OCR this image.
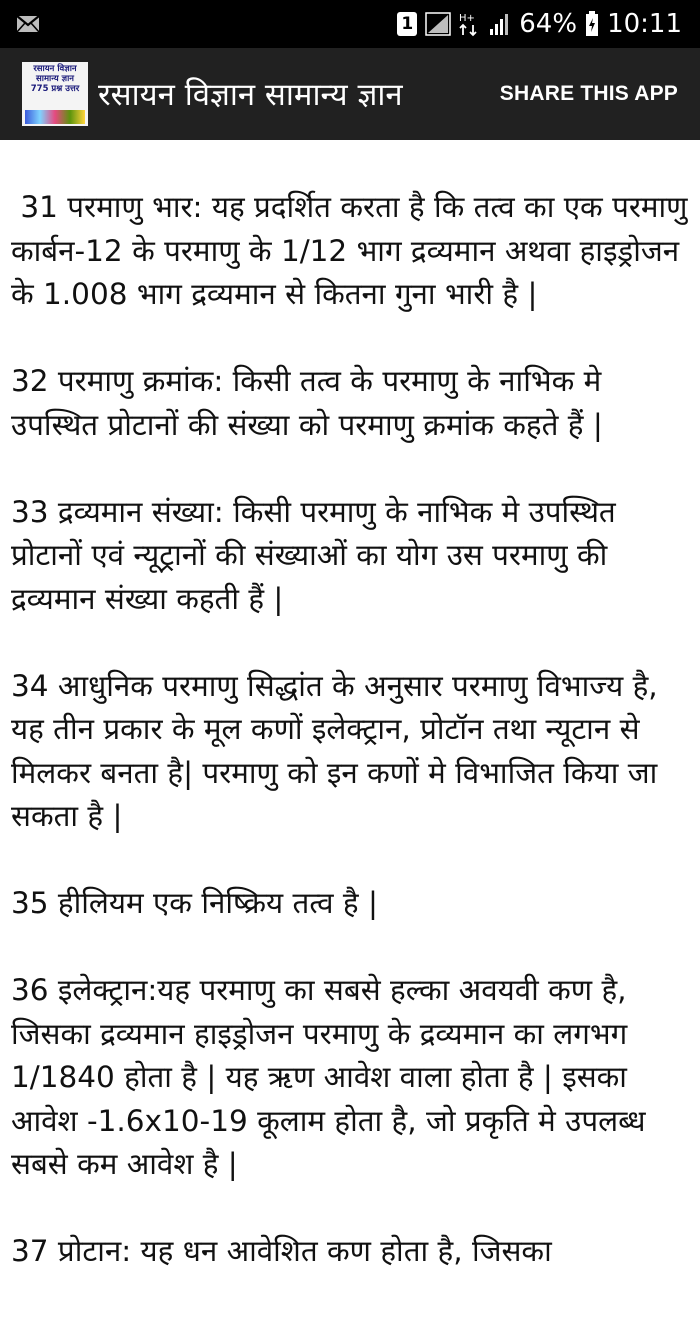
1	H+ 64% 10:11
रसायन विज्ञान
सामान्य ज्ञान
775 प्रश्न उत्तर रसायन विज्ञान सामान्य ज्ञान	SHARE THIS APP

31 परमाणु भार: यह प्रदर्शित करता है कि तत्व का एक परमाणु कार्बन-12 के परमाणु के 1/12 भाग द्रव्यमान अथवा हाइड्रोजन के 1.008 भाग द्रव्यमान से कितना गुना भारी है |

32 परमाणु क्रमांक: किसी तत्व के परमाणु के नाभिक मे उपस्थित प्रोटानों की संख्या को परमाणु क्रमांक कहते हैं |

33 द्रव्यमान संख्या: किसी परमाणु के नाभिक मे उपस्थित प्रोटानों एवं न्यूट्रानों की संख्याओं का योग उस परमाणु की द्रव्यमान संख्या कहती हैं |

34 आधुनिक परमाणु सिद्धांत के अनुसार परमाणु विभाज्य है, यह तीन प्रकार के मूल कणों इलेक्ट्रान, प्रोटॉन तथा न्यूटान से मिलकर बनता है| परमाणु को इन कणों मे विभाजित किया जा सकता है |

35 हीलियम एक निष्क्रिय तत्व है |

36 इलेक्ट्रान:यह परमाणु का सबसे हल्का अवयवी कण है, जिसका द्रव्यमान हाइड्रोजन परमाणु के द्रव्यमान का लगभग 1/1840 होता है | यह ऋण आवेश वाला होता है | इसका आवेश -1.6x10-19 कूलाम होता है, जो प्रकृति मे उपलब्ध सबसे कम आवेश है |

37 प्रोटान: यह धन आवेशित कण होता है, जिसका
